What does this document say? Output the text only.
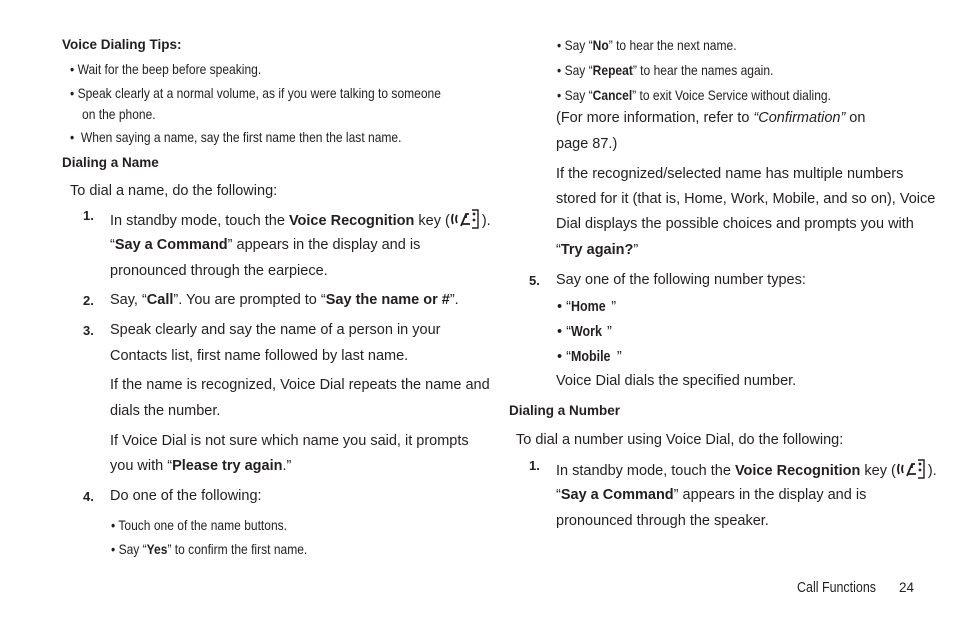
Voice Dialing Tips:
• Wait for the beep before speaking.
• Speak clearly at a normal volume, as if you were talking to someone
on the phone.
•  When saying a name, say the first name then the last name.
Dialing a Name
To dial a name, do the following:
1. In standby mode, touch the Voice Recognition key ( ).
“Say a Command” appears in the display and is
pronounced through the earpiece.
2. Say, “Call”. You are prompted to “Say the name or #”.
3. Speak clearly and say the name of a person in your
Contacts list, first name followed by last name.
If the name is recognized, Voice Dial repeats the name and
dials the number.
If Voice Dial is not sure which name you said, it prompts
you with “Please try again.”
4. Do one of the following:
• Touch one of the name buttons.
• Say “Yes” to confirm the first name.
• Say “No” to hear the next name.
• Say “Repeat” to hear the names again.
• Say “Cancel” to exit Voice Service without dialing.
(For more information, refer to “Confirmation” on
page 87.)
If the recognized/selected name has multiple numbers
stored for it (that is, Home, Work, Mobile, and so on), Voice
Dial displays the possible choices and prompts you with
“Try again?”
5. Say one of the following number types:
• “Home ”
• “Work ”
• “Mobile ”
Voice Dial dials the specified number.
Dialing a Number
To dial a number using Voice Dial, do the following:
1. In standby mode, touch the Voice Recognition key ( ).
“Say a Command” appears in the display and is
pronounced through the speaker.
Call Functions	24
